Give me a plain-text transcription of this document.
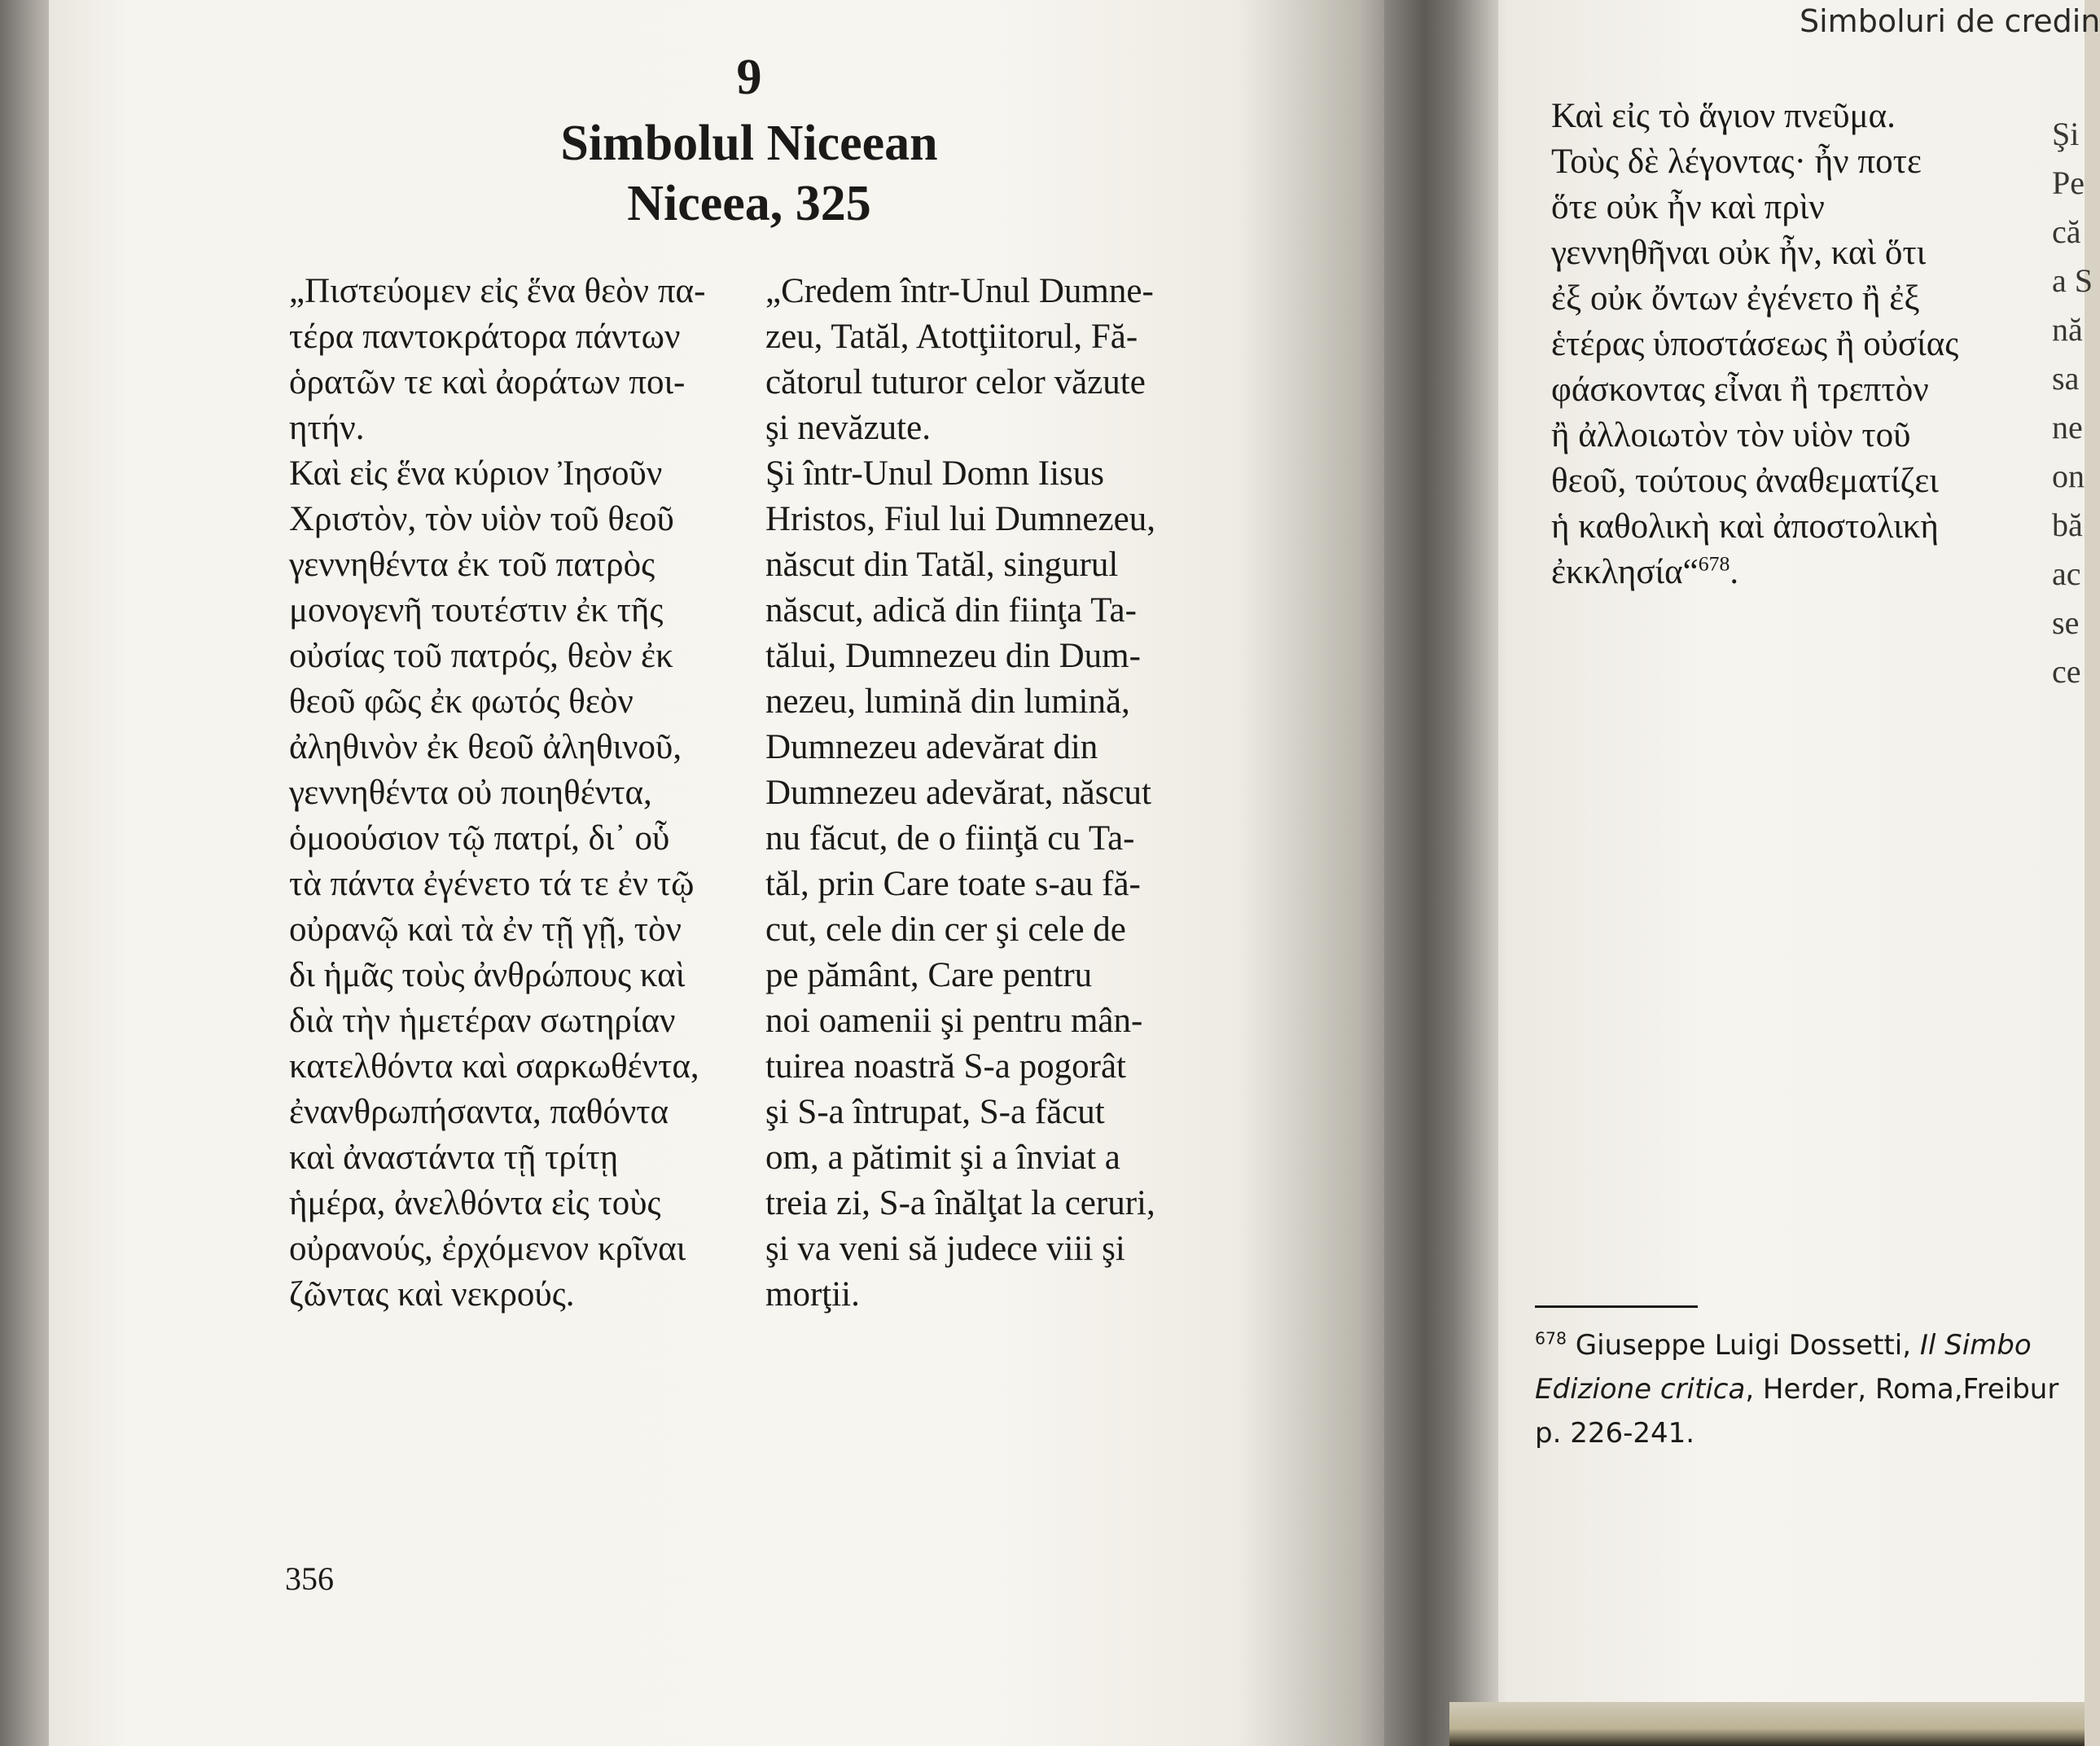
Simboluri de credin
9
Simbolul Niceean
Niceea, 325
„Πιστεύομεν εἰς ἕνα θεὸν πα-
τέρα παντοκράτορα πάντων
ὁρατῶν τε καὶ ἀοράτων ποι-
ητήν.
Καὶ εἰς ἕνα κύριον Ἰησοῦν
Χριστὸν, τὸν υἱὸν τοῦ θεοῦ
γεννηθέντα ἐκ τοῦ πατρὸς
μονογενῆ τουτέστιν ἐκ τῆς
οὐσίας τοῦ πατρός, θεὸν ἐκ
θεοῦ φῶς ἐκ φωτός θεὸν
ἀληθινὸν ἐκ θεοῦ ἀληθινοῦ,
γεννηθέντα οὐ ποιηθέντα,
ὁμοούσιον τῷ πατρί, δι᾽ οὗ
τὰ πάντα ἐγένετο τά τε ἐν τῷ
οὐρανῷ καὶ τὰ ἐν τῇ γῇ, τὸν
δι ἡμᾶς τοὺς ἀνθρώπους καὶ
διὰ τὴν ἡμετέραν σωτηρίαν
κατελθόντα καὶ σαρκωθέντα,
ἐνανθρωπήσαντα, παθόντα
καὶ ἀναστάντα τῇ τρίτῃ
ἡμέρα, ἀνελθόντα εἰς τοὺς
οὐρανούς, ἐρχόμενον κρῖναι
ζῶντας καὶ νεκρούς.
„Credem într-Unul Dumne-
zeu, Tatăl, Atotţiitorul, Fă-
cătorul tuturor celor văzute
şi nevăzute.
Şi într-Unul Domn Iisus
Hristos, Fiul lui Dumnezeu,
născut din Tatăl, singurul
născut, adică din fiinţa Ta-
tălui, Dumnezeu din Dum-
nezeu, lumină din lumină,
Dumnezeu adevărat din
Dumnezeu adevărat, născut
nu făcut, de o fiinţă cu Ta-
tăl, prin Care toate s-au fă-
cut, cele din cer şi cele de
pe pământ, Care pentru
noi oamenii şi pentru mân-
tuirea noastră S-a pogorât
şi S-a întrupat, S-a făcut
om, a pătimit şi a înviat a
treia zi, S-a înălţat la ceruri,
şi va veni să judece viii şi
morţii.
Καὶ εἰς τὸ ἅγιον πνεῦμα.
Τοὺς δὲ λέγοντας· ἦν ποτε
ὅτε οὐκ ἦν καὶ πρὶν
γεννηθῆναι οὐκ ἦν, καὶ ὅτι
ἐξ οὐκ ὄντων ἐγένετο ἢ ἐξ
ἑτέρας ὑποστάσεως ἢ οὐσίας
φάσκοντας εἶναι ἢ τρεπτὸν
ἢ ἀλλοιωτὸν τὸν υἱὸν τοῦ
θεοῦ, τούτους ἀναθεματίζει
ἡ καθολικὴ καὶ ἀποστολικὴ
ἐκκλησία“$^{678}$.
Şi
Pe
că
a S
nă
sa
ne
on
bă
ac
se
ce
$^{678}$ Giuseppe Luigi Dossetti, Il Simbo
Edizione critica, Herder, Roma,Freibur
p. 226-241.
356
